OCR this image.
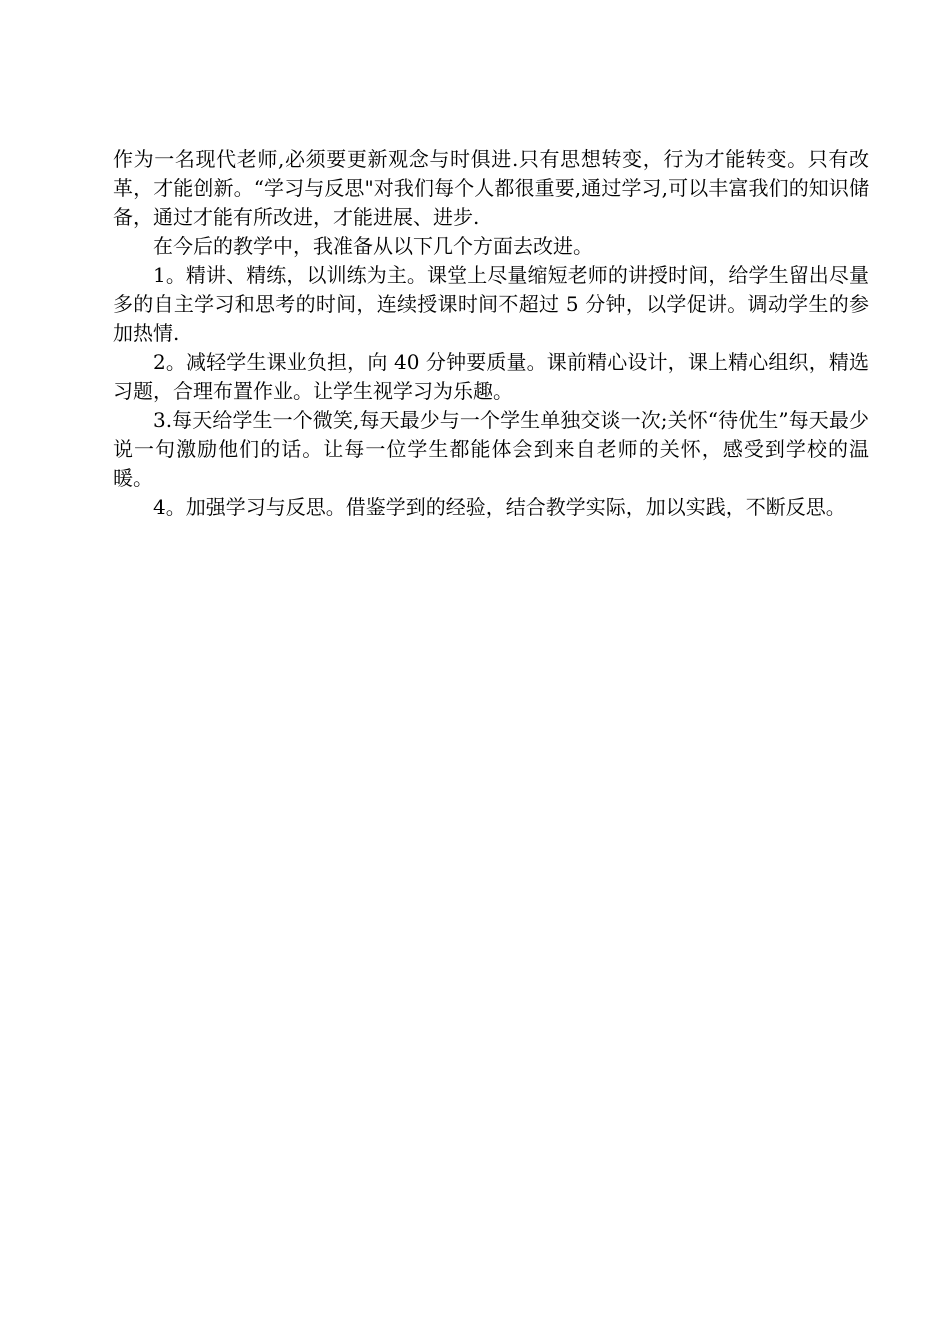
作为一名现代老师,必须要更新观念与时俱进.只有思想转变，行为才能转变。只有改革，才能创新。“学习与反思"对我们每个人都很重要,通过学习,可以丰富我们的知识储备，通过才能有所改进，才能进展、进步.

在今后的教学中，我准备从以下几个方面去改进。

1。精讲、精练，以训练为主。课堂上尽量缩短老师的讲授时间，给学生留出尽量多的自主学习和思考的时间，连续授课时间不超过 5 分钟，以学促讲。调动学生的参加热情.

2。减轻学生课业负担，向 40 分钟要质量。课前精心设计，课上精心组织，精选习题，合理布置作业。让学生视学习为乐趣。

3.每天给学生一个微笑,每天最少与一个学生单独交谈一次;关怀“待优生”每天最少说一句激励他们的话。让每一位学生都能体会到来自老师的关怀，感受到学校的温暖。

4。加强学习与反思。借鉴学到的经验，结合教学实际，加以实践，不断反思。
